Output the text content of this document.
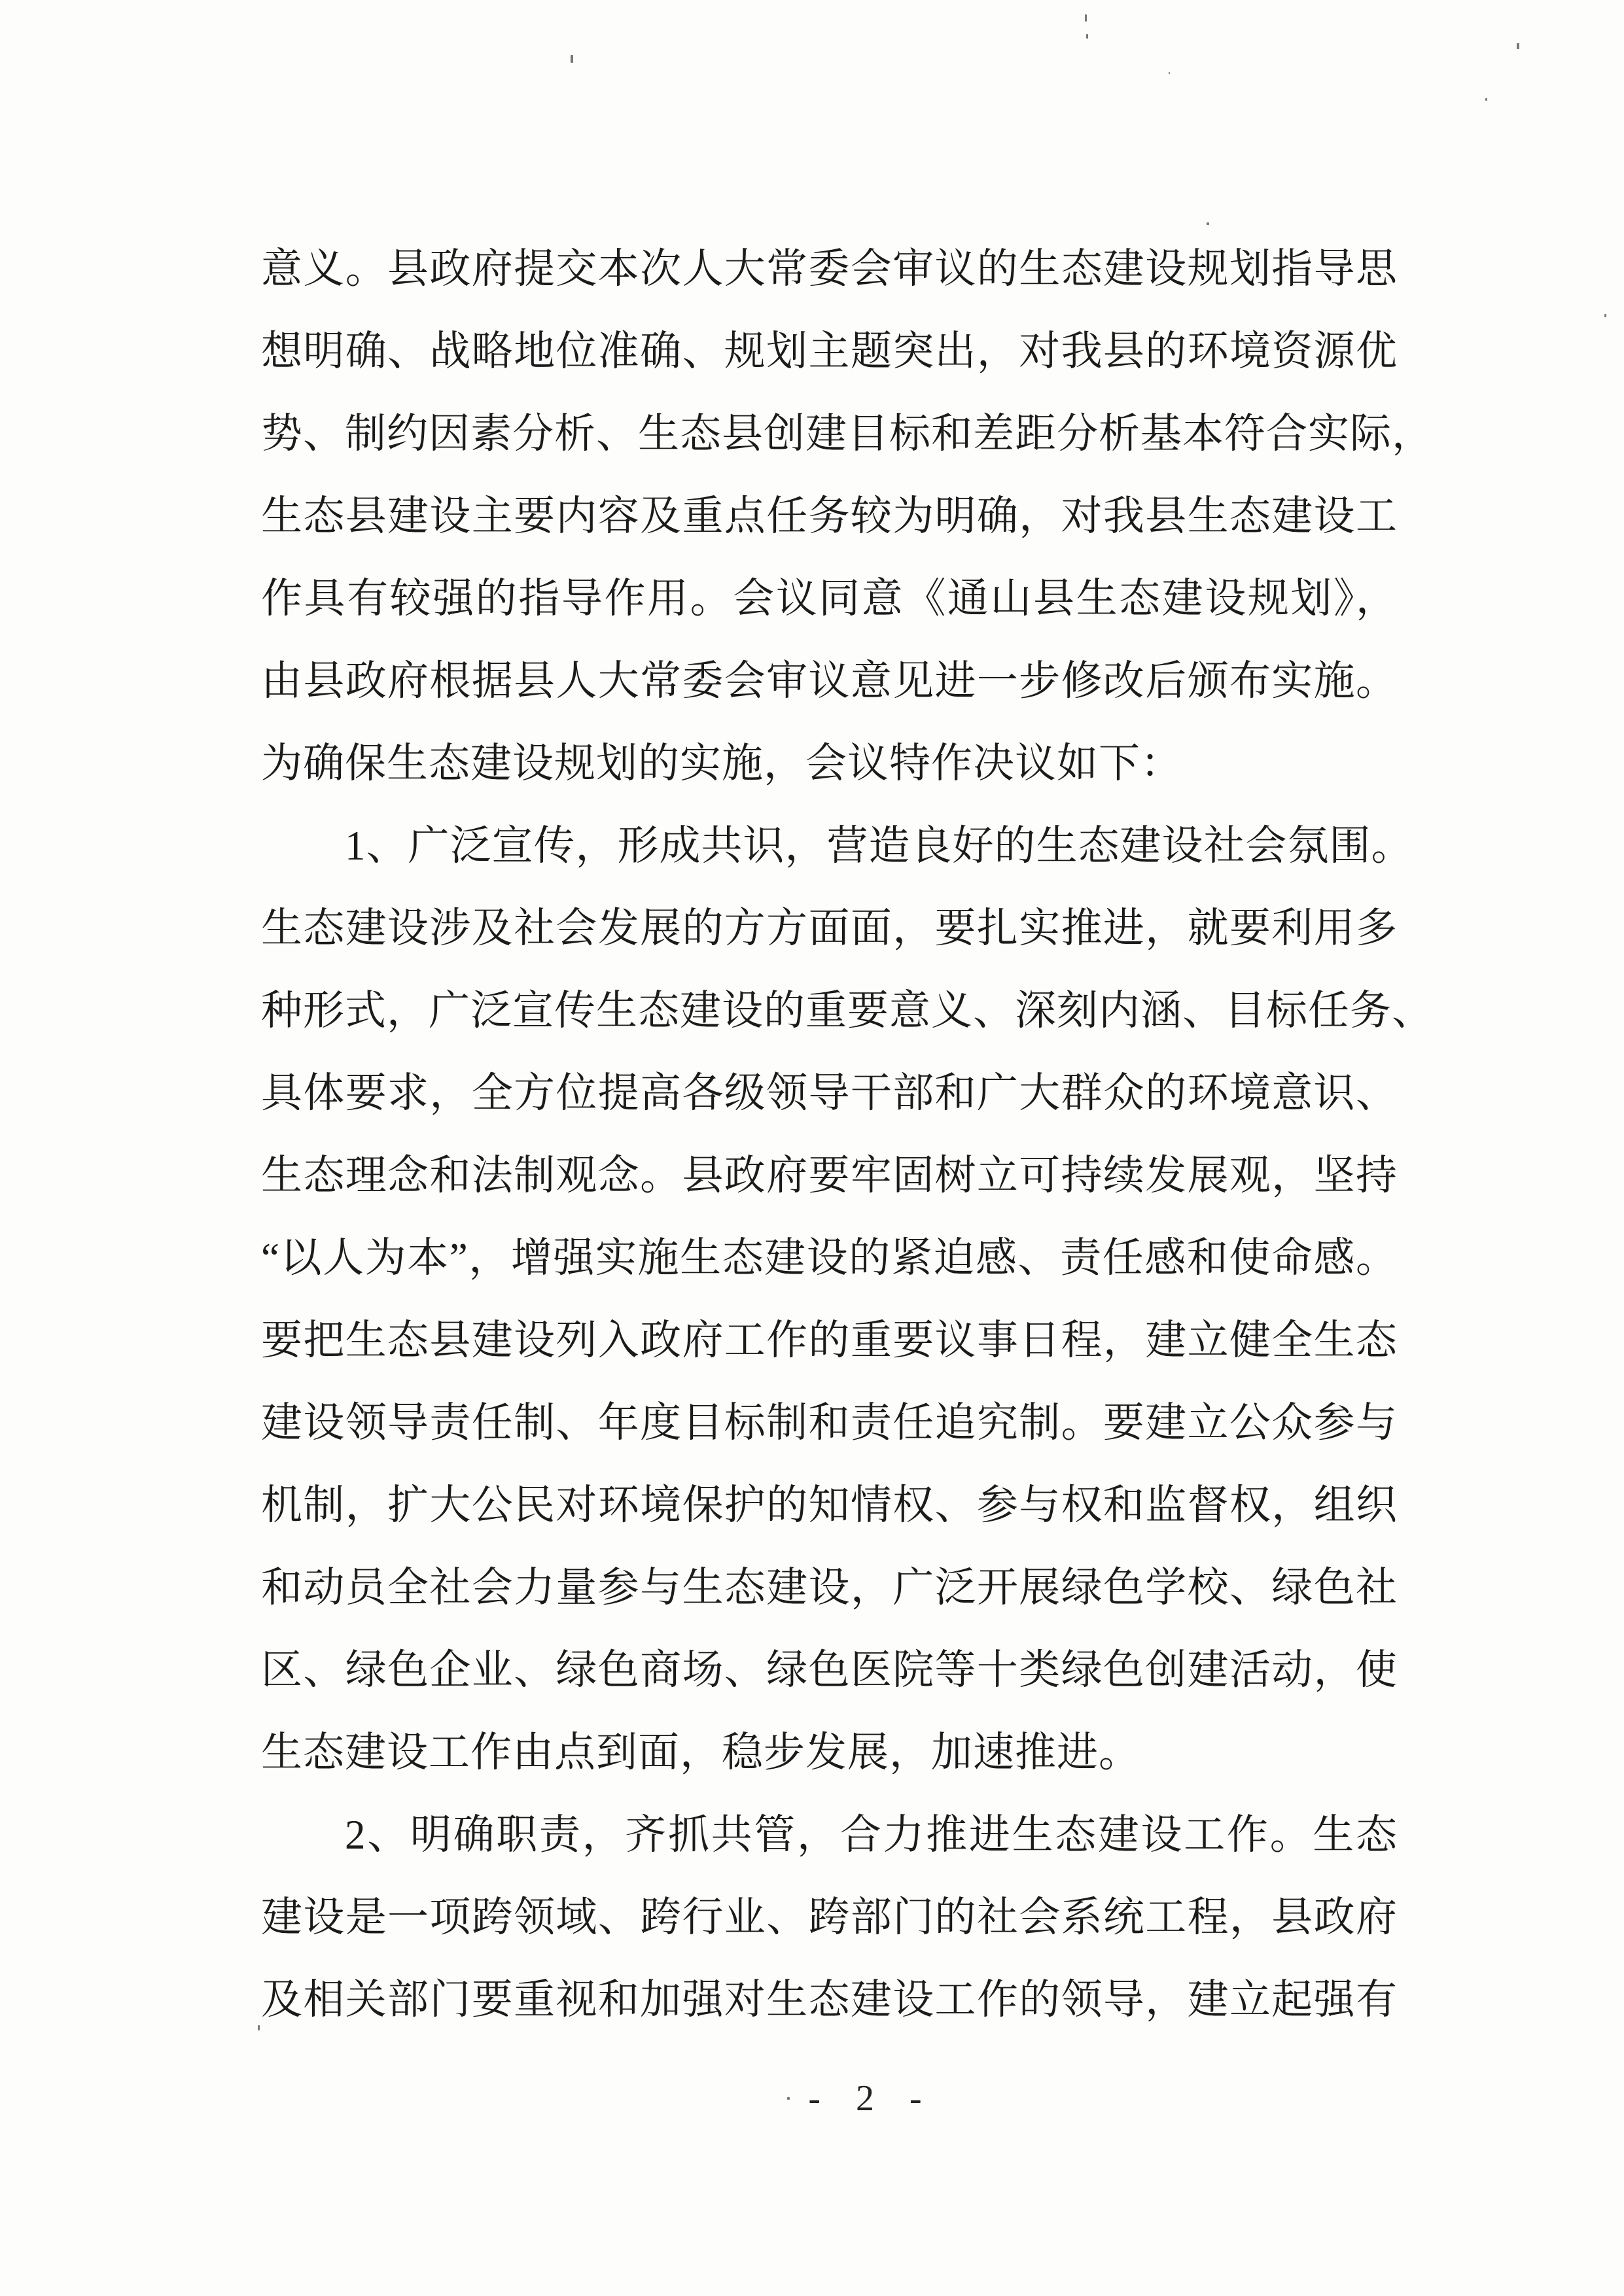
意义。县政府提交本次人大常委会审议的生态建设规划指导思
想明确、战略地位准确、规划主题突出，对我县的环境资源优
势、制约因素分析、生态县创建目标和差距分析基本符合实际，
生态县建设主要内容及重点任务较为明确，对我县生态建设工
作具有较强的指导作用。会议同意《通山县生态建设规划》，
由县政府根据县人大常委会审议意见进一步修改后颁布实施。
为确保生态建设规划的实施，会议特作决议如下：
1、广泛宣传，形成共识，营造良好的生态建设社会氛围。
生态建设涉及社会发展的方方面面，要扎实推进，就要利用多
种形式，广泛宣传生态建设的重要意义、深刻内涵、目标任务、
具体要求，全方位提高各级领导干部和广大群众的环境意识、
生态理念和法制观念。县政府要牢固树立可持续发展观，坚持
“以人为本”，增强实施生态建设的紧迫感、责任感和使命感。
要把生态县建设列入政府工作的重要议事日程，建立健全生态
建设领导责任制、年度目标制和责任追究制。要建立公众参与
机制，扩大公民对环境保护的知情权、参与权和监督权，组织
和动员全社会力量参与生态建设，广泛开展绿色学校、绿色社
区、绿色企业、绿色商场、绿色医院等十类绿色创建活动，使
生态建设工作由点到面，稳步发展，加速推进。
2、明确职责，齐抓共管，合力推进生态建设工作。生态
建设是一项跨领域、跨行业、跨部门的社会系统工程，县政府
及相关部门要重视和加强对生态建设工作的领导，建立起强有
- 2 -
